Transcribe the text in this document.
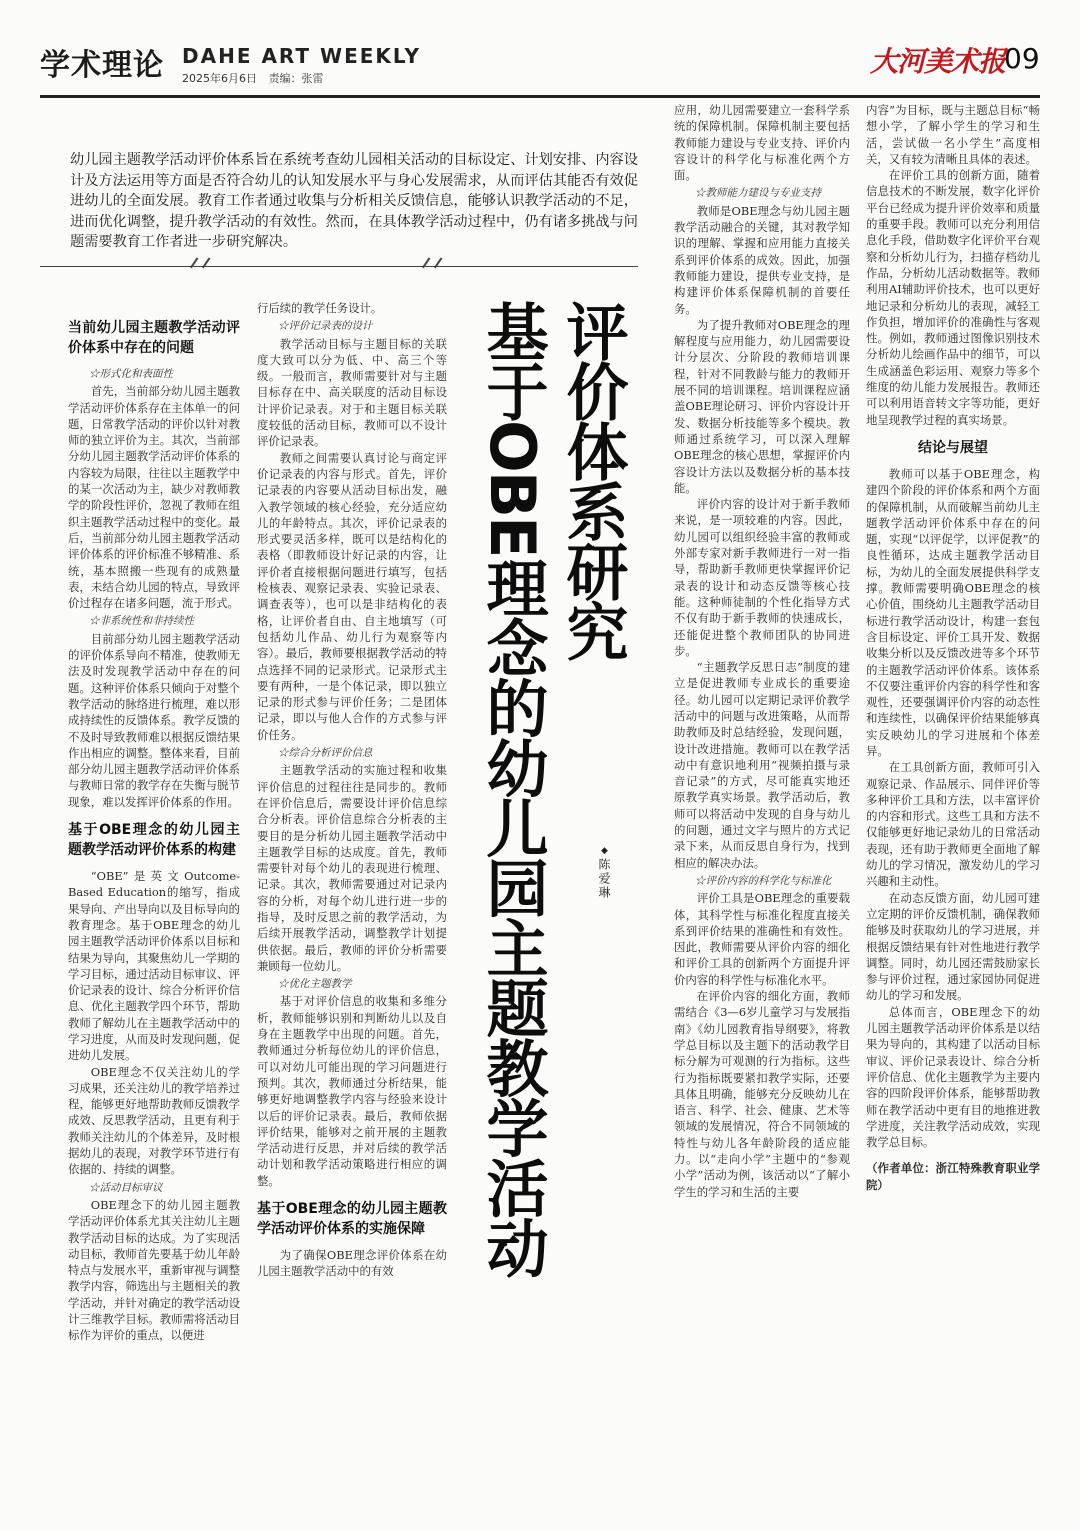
学术理论 DAHE ART WEEKLY
2025年6月6日 责编：张雷
大河美术报
09
幼儿园主题教学活动评价体系旨在系统考查幼儿园相关活动的目标设定、计划安排、内容设计及方法运用等方面是否符合幼儿的认知发展水平与身心发展需求，从而评估其能否有效促进幼儿的全面发展。教育工作者通过收集与分析相关反馈信息，能够认识教学活动的不足，进而优化调整，提升教学活动的有效性。然而，在具体教学活动过程中，仍有诸多挑战与问题需要教育工作者进一步研究解决。
当前幼儿园主题教学活动评价体系中存在的问题
☆形式化和表面性

首先，当前部分幼儿园主题教学活动评价体系存在主体单一的问题，日常教学活动的评价以针对教师的独立评价为主。其次，当前部分幼儿园主题教学活动评价体系的内容较为局限，往往以主题教学中的某一次活动为主，缺少对教师教学的阶段性评价，忽视了教师在组织主题教学活动过程中的变化。最后，当前部分幼儿园主题教学活动评价体系的评价标准不够精准、系统，基本照搬一些现有的成熟量表，未结合幼儿园的特点，导致评价过程存在诸多问题，流于形式。

☆非系统性和非持续性

目前部分幼儿园主题教学活动的评价体系导向不精准，使教师无法及时发现教学活动中存在的问题。这种评价体系只倾向于对整个教学活动的脉络进行梳理，难以形成持续性的反馈体系。教学反馈的不及时导致教师难以根据反馈结果作出相应的调整。整体来看，目前部分幼儿园主题教学活动评价体系与教师日常的教学存在失衡与脱节现象，难以发挥评价体系的作用。

基于OBE理念的幼儿园主题教学活动评价体系的构建

“OBE”是英文Outcome-Based Education的缩写，指成果导向、产出导向以及目标导向的教育理念。基于OBE理念的幼儿园主题教学活动评价体系以目标和结果为导向，其聚焦幼儿一学期的学习目标，通过活动目标审议、评价记录表的设计、综合分析评价信息、优化主题教学四个环节，帮助教师了解幼儿在主题教学活动中的学习进度，从而及时发现问题，促进幼儿发展。

OBE理念不仅关注幼儿的学习成果，还关注幼儿的教学培养过程，能够更好地帮助教师反馈教学成效、反思教学活动，且更有利于教师关注幼儿的个体差异，及时根据幼儿的表现，对教学环节进行有依据的、持续的调整。

☆活动目标审议

OBE理念下的幼儿园主题教学活动评价体系尤其关注幼儿主题教学活动目标的达成。为了实现活动目标，教师首先要基于幼儿年龄特点与发展水平，重新审视与调整教学内容，筛选出与主题相关的教学活动，并针对确定的教学活动设计三维教学目标。教师需将活动目标作为评价的重点，以便进

行后续的教学任务设计。

☆评价记录表的设计

教学活动目标与主题目标的关联度大致可以分为低、中、高三个等级。一般而言，教师需要针对与主题目标存在中、高关联度的活动目标设计评价记录表。对于和主题目标关联度较低的活动目标，教师可以不设计评价记录表。

教师之间需要认真讨论与商定评价记录表的内容与形式。首先，评价记录表的内容要从活动目标出发，融入教学领域的核心经验，充分适应幼儿的年龄特点。其次，评价记录表的形式要灵活多样，既可以是结构化的表格（即教师设计好记录的内容，让评价者直接根据问题进行填写，包括检核表、观察记录表、实验记录表、调查表等），也可以是非结构化的表格，让评价者自由、自主地填写（可包括幼儿作品、幼儿行为观察等内容）。最后，教师要根据教学活动的特点选择不同的记录形式。记录形式主要有两种，一是个体记录，即以独立记录的形式参与评价任务；二是团体记录，即以与他人合作的方式参与评价任务。

☆综合分析评价信息

主题教学活动的实施过程和收集评价信息的过程往往是同步的。教师在评价信息后，需要设计评价信息综合分析表。评价信息综合分析表的主要目的是分析幼儿园主题教学活动中主题教学目标的达成度。首先，教师需要针对每个幼儿的表现进行梳理、记录。其次，教师需要通过对记录内容的分析，对每个幼儿进行进一步的指导，及时反思之前的教学活动，为后续开展教学活动，调整教学计划提供依据。最后，教师的评价分析需要兼顾每一位幼儿。

☆优化主题教学

基于对评价信息的收集和多维分析，教师能够识别和判断幼儿以及自身在主题教学中出现的问题。首先，教师通过分析每位幼儿的评价信息，可以对幼儿可能出现的学习问题进行预判。其次，教师通过分析结果，能够更好地调整教学内容与经验来设计以后的评价记录表。最后，教师依据评价结果，能够对之前开展的主题教学活动进行反思，并对后续的教学活动计划和教学活动策略进行相应的调整。

基于OBE理念的幼儿园主题教学活动评价体系的实施保障

为了确保OBE理念评价体系在幼儿园主题教学活动中的有效

评价体系研究
基于OBE理念的幼儿园主题教学活动	◆
陈爱琳

应用，幼儿园需要建立一套科学系统的保障机制。保障机制主要包括教师能力建设与专业支持、评价内容设计的科学化与标准化两个方面。

☆教师能力建设与专业支持

教师是OBE理念与幼儿园主题教学活动融合的关键，其对教学知识的理解、掌握和应用能力直接关系到评价体系的成效。因此，加强教师能力建设，提供专业支持，是构建评价体系保障机制的首要任务。

为了提升教师对OBE理念的理解程度与应用能力，幼儿园需要设计分层次、分阶段的教师培训课程，针对不同教龄与能力的教师开展不同的培训课程。培训课程应涵盖OBE理论研习、评价内容设计开发、数据分析技能等多个模块。教师通过系统学习，可以深入理解OBE理念的核心思想，掌握评价内容设计方法以及数据分析的基本技能。

评价内容的设计对于新手教师来说，是一项较难的内容。因此，幼儿园可以组织经验丰富的教师或外部专家对新手教师进行一对一指导，帮助新手教师更快掌握评价记录表的设计和动态反馈等核心技能。这种师徒制的个性化指导方式不仅有助于新手教师的快速成长，还能促进整个教师团队的协同进步。

“主题教学反思日志”制度的建立是促进教师专业成长的重要途径。幼儿园可以定期记录评价教学活动中的问题与改进策略，从而帮助教师及时总结经验，发现问题，设计改进措施。教师可以在教学活动中有意识地利用“视频拍摄与录音记录”的方式，尽可能真实地还原教学真实场景。教学活动后，教师可以将活动中发现的自身与幼儿的问题，通过文字与照片的方式记录下来，从而反思自身行为，找到相应的解决办法。

☆评价内容的科学化与标准化

评价工具是OBE理念的重要载体，其科学性与标准化程度直接关系到评价结果的准确性和有效性。因此，教师需要从评价内容的细化和评价工具的创新两个方面提升评价内容的科学性与标准化水平。

在评价内容的细化方面，教师需结合《3—6岁儿童学习与发展指南》《幼儿园教育指导纲要》，将教学总目标以及主题下的活动教学目标分解为可观测的行为指标。这些行为指标既要紧扣教学实际，还要具体且明确，能够充分反映幼儿在语言、科学、社会、健康、艺术等领域的发展情况，符合不同领域的特性与幼儿各年龄阶段的适应能力。以“走向小学”主题中的“参观小学”活动为例，该活动以“了解小学生的学习和生活的主要

内容”为目标，既与主题总目标“畅想小学，了解小学生的学习和生活，尝试做一名小学生”高度相关，又有较为清晰且具体的表述。

在评价工具的创新方面，随着信息技术的不断发展，数字化评价平台已经成为提升评价效率和质量的重要手段。教师可以充分利用信息化手段，借助数字化评价平台观察和分析幼儿行为，扫描存档幼儿作品，分析幼儿活动数据等。教师利用AI辅助评价技术，也可以更好地记录和分析幼儿的表现，减轻工作负担，增加评价的准确性与客观性。例如，教师通过图像识别技术分析幼儿绘画作品中的细节，可以生成涵盖色彩运用、观察力等多个维度的幼儿能力发展报告。教师还可以利用语音转文字等功能，更好地呈现教学过程的真实场景。

结论与展望

教师可以基于OBE理念，构建四个阶段的评价体系和两个方面的保障机制，从而破解当前幼儿主题教学活动评价体系中存在的问题，实现“以评促学，以评促教”的良性循环，达成主题教学活动目标，为幼儿的全面发展提供科学支撑。教师需要明确OBE理念的核心价值，围绕幼儿主题教学活动目标进行教学活动设计，构建一套包含目标设定、评价工具开发、数据收集分析以及反馈改进等多个环节的主题教学活动评价体系。该体系不仅要注重评价内容的科学性和客观性，还要强调评价内容的动态性和连续性，以确保评价结果能够真实反映幼儿的学习进展和个体差异。

在工具创新方面，教师可引入观察记录、作品展示、同伴评价等多种评价工具和方法，以丰富评价的内容和形式。这些工具和方法不仅能够更好地记录幼儿的日常活动表现，还有助于教师更全面地了解幼儿的学习情况，激发幼儿的学习兴趣和主动性。

在动态反馈方面，幼儿园可建立定期的评价反馈机制，确保教师能够及时获取幼儿的学习进展，并根据反馈结果有针对性地进行教学调整。同时，幼儿园还需鼓励家长参与评价过程，通过家园协同促进幼儿的学习和发展。

总体而言，OBE理念下的幼儿园主题教学活动评价体系是以结果为导向的，其构建了以活动目标审议、评价记录表设计、综合分析评价信息、优化主题教学为主要内容的四阶段评价体系，能够帮助教师在教学活动中更有目的地推进教学进度，关注教学活动成效，实现教学总目标。

（作者单位：浙江特殊教育职业学院）
